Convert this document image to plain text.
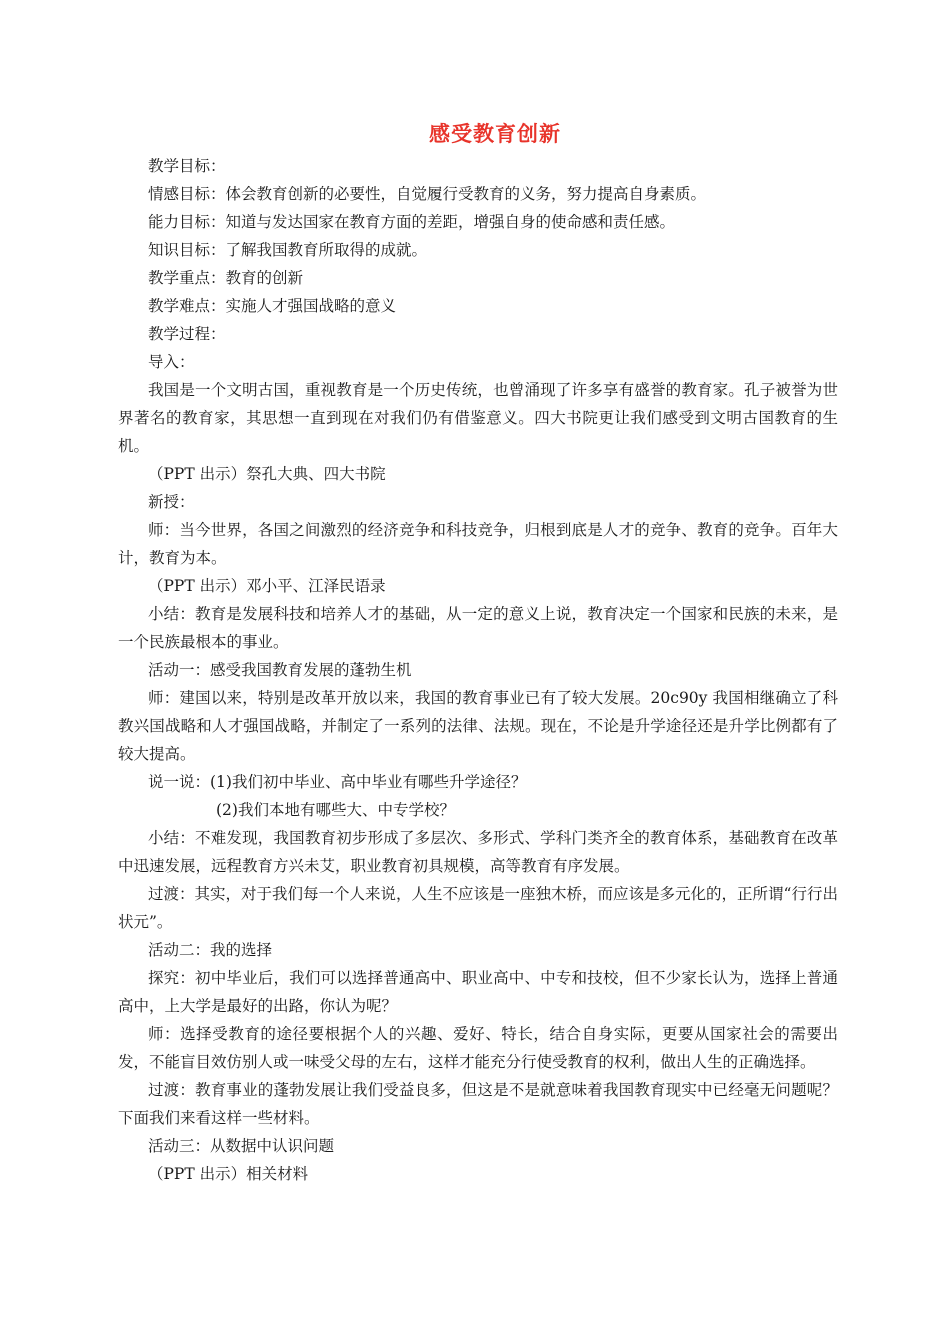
感受教育创新

教学目标：

情感目标：体会教育创新的必要性，自觉履行受教育的义务，努力提高自身素质。

能力目标：知道与发达国家在教育方面的差距，增强自身的使命感和责任感。

知识目标：了解我国教育所取得的成就。

教学重点：教育的创新

教学难点：实施人才强国战略的意义

教学过程：

导入：

我国是一个文明古国，重视教育是一个历史传统，也曾涌现了许多享有盛誉的教育家。孔子被誉为世界著名的教育家，其思想一直到现在对我们仍有借鉴意义。四大书院更让我们感受到文明古国教育的生机。

（PPT 出示）祭孔大典、四大书院

新授：

师：当今世界，各国之间激烈的经济竞争和科技竞争，归根到底是人才的竞争、教育的竞争。百年大计，教育为本。

（PPT 出示）邓小平、江泽民语录

小结：教育是发展科技和培养人才的基础，从一定的意义上说，教育决定一个国家和民族的未来，是一个民族最根本的事业。

活动一：感受我国教育发展的蓬勃生机

师：建国以来，特别是改革开放以来，我国的教育事业已有了较大发展。20c90y 我国相继确立了科教兴国战略和人才强国战略，并制定了一系列的法律、法规。现在，不论是升学途径还是升学比例都有了较大提高。

说一说：(1)我们初中毕业、高中毕业有哪些升学途径？

(2)我们本地有哪些大、中专学校？

小结：不难发现，我国教育初步形成了多层次、多形式、学科门类齐全的教育体系，基础教育在改革中迅速发展，远程教育方兴未艾，职业教育初具规模，高等教育有序发展。

过渡：其实，对于我们每一个人来说，人生不应该是一座独木桥，而应该是多元化的，正所谓“行行出状元”。

活动二：我的选择

探究：初中毕业后，我们可以选择普通高中、职业高中、中专和技校，但不少家长认为，选择上普通高中，上大学是最好的出路，你认为呢？

师：选择受教育的途径要根据个人的兴趣、爱好、特长，结合自身实际，更要从国家社会的需要出发，不能盲目效仿别人或一味受父母的左右，这样才能充分行使受教育的权利，做出人生的正确选择。

过渡：教育事业的蓬勃发展让我们受益良多，但这是不是就意味着我国教育现实中已经毫无问题呢？下面我们来看这样一些材料。

活动三：从数据中认识问题

（PPT 出示）相关材料
